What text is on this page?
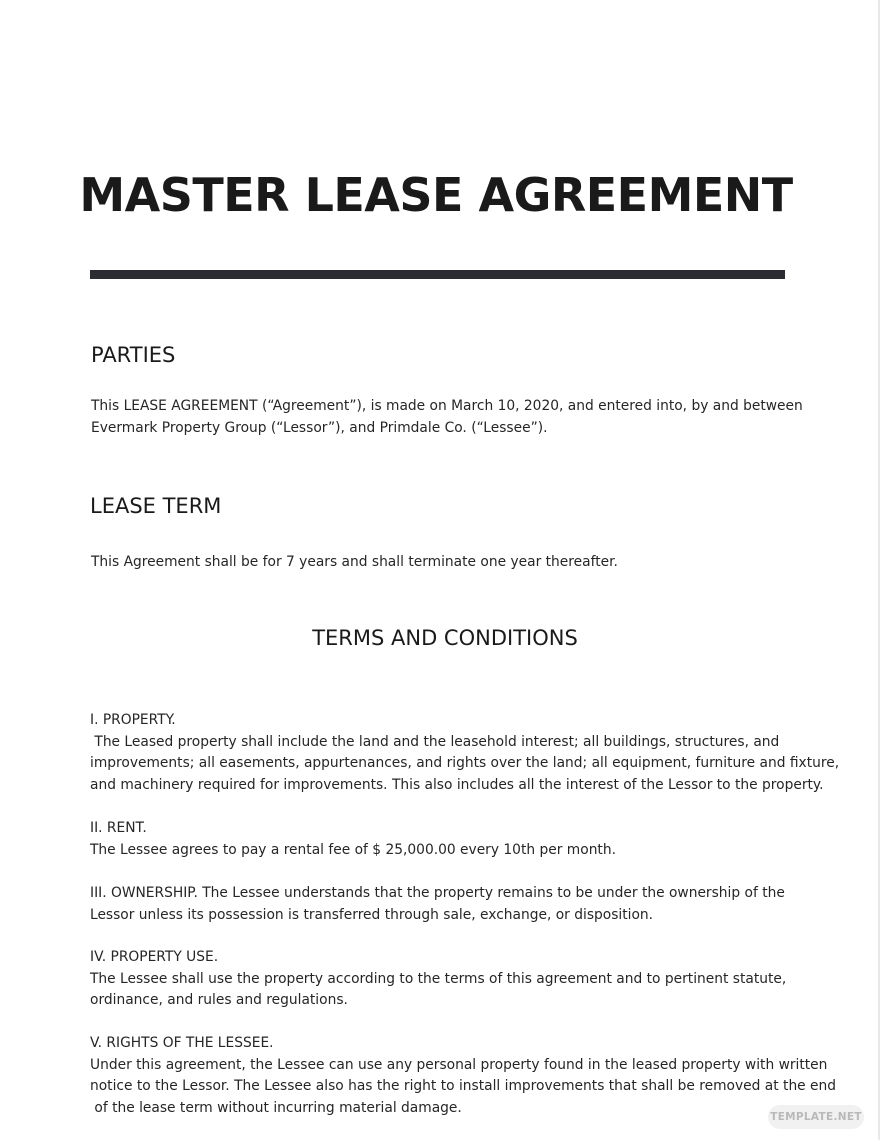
MASTER LEASE AGREEMENT
PARTIES

This LEASE AGREEMENT (“Agreement”), is made on March 10, 2020, and entered into, by and between
Evermark Property Group (“Lessor”), and Primdale Co. (“Lessee”).

LEASE TERM

This Agreement shall be for 7 years and shall terminate one year thereafter.

TERMS AND CONDITIONS

I. PROPERTY.
The Leased property shall include the land and the leasehold interest; all buildings, structures, and
improvements; all easements, appurtenances, and rights over the land; all equipment, furniture and fixture,
and machinery required for improvements. This also includes all the interest of the Lessor to the property.

II. RENT.
The Lessee agrees to pay a rental fee of $ 25,000.00 every 10th per month.

III. OWNERSHIP. The Lessee understands that the property remains to be under the ownership of the
Lessor unless its possession is transferred through sale, exchange, or disposition.

IV. PROPERTY USE.
The Lessee shall use the property according to the terms of this agreement and to pertinent statute,
ordinance, and rules and regulations.

V. RIGHTS OF THE LESSEE.
Under this agreement, the Lessee can use any personal property found in the leased property with written
notice to the Lessor. The Lessee also has the right to install improvements that shall be removed at the end
of the lease term without incurring material damage.

TEMPLATE.NET
